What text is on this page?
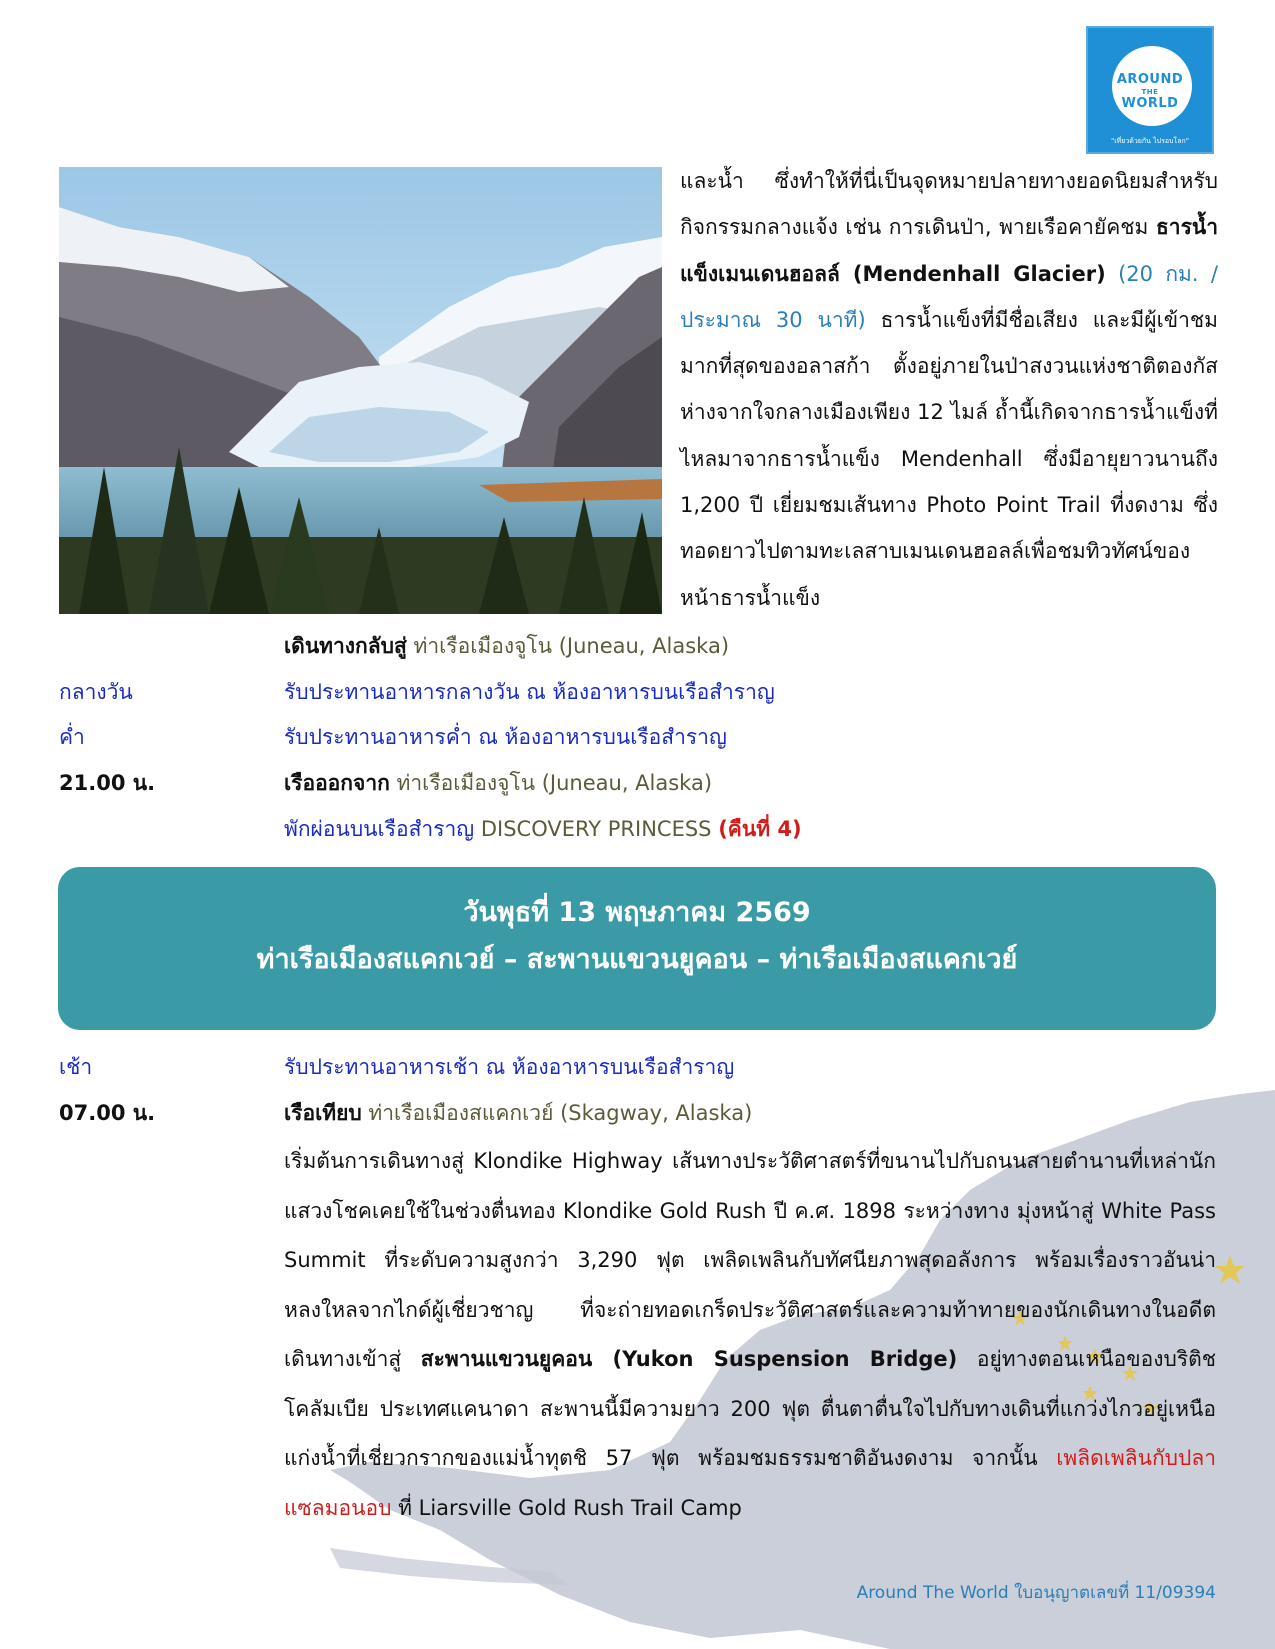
AROUND
THE
WORLD
"เที่ยวด้วยกัน ไปรอบโลก"
และน้ำ ซึ่งทำให้ที่นี่เป็นจุดหมายปลายทางยอดนิยมสำหรับกิจกรรมกลางแจ้ง เช่น การเดินป่า, พายเรือคายัคชม ธารน้ำแข็งเมนเดนฮอลล์ (Mendenhall Glacier) (20 กม. / ประมาณ 30 นาที) ธารน้ำแข็งที่มีชื่อเสียง และมีผู้เข้าชมมากที่สุดของอลาสก้า ตั้งอยู่ภายในป่าสงวนแห่งชาติตองกัส ห่างจากใจกลางเมืองเพียง 12 ไมล์ ถ้ำนี้เกิดจากธารน้ำแข็งที่ไหลมาจากธารน้ำแข็ง Mendenhall ซึ่งมีอายุยาวนานถึง 1,200 ปี เยี่ยมชมเส้นทาง Photo Point Trail ที่งดงาม ซึ่งทอดยาวไปตามทะเลสาบเมนเดนฮอลล์เพื่อชมทิวทัศน์ของหน้าธารน้ำแข็ง
เดินทางกลับสู่ ท่าเรือเมืองจูโน (Juneau, Alaska)
กลางวัน	รับประทานอาหารกลางวัน ณ ห้องอาหารบนเรือสำราญ
ค่ำ	รับประทานอาหารค่ำ ณ ห้องอาหารบนเรือสำราญ
21.00 น.	เรือออกจาก ท่าเรือเมืองจูโน (Juneau, Alaska)
พักผ่อนบนเรือสำราญ DISCOVERY PRINCESS (คืนที่ 4)
วันพุธที่ 13 พฤษภาคม 2569
ท่าเรือเมืองสแคกเวย์ – สะพานแขวนยูคอน – ท่าเรือเมืองสแคกเวย์
เช้า	รับประทานอาหารเช้า ณ ห้องอาหารบนเรือสำราญ
07.00 น.	เรือเทียบ ท่าเรือเมืองสแคกเวย์ (Skagway, Alaska)
เริ่มต้นการเดินทางสู่ Klondike Highway เส้นทางประวัติศาสตร์ที่ขนานไปกับถนนสายตำนานที่เหล่านักแสวงโชคเคยใช้ในช่วงตื่นทอง Klondike Gold Rush ปี ค.ศ. 1898 ระหว่างทาง มุ่งหน้าสู่ White Pass Summit ที่ระดับความสูงกว่า 3,290 ฟุต เพลิดเพลินกับทัศนียภาพสุดอลังการ พร้อมเรื่องราวอันน่าหลงใหลจากไกด์ผู้เชี่ยวชาญ ที่จะถ่ายทอดเกร็ดประวัติศาสตร์และความท้าทายของนักเดินทางในอดีต เดินทางเข้าสู่ สะพานแขวนยูคอน (Yukon Suspension Bridge) อยู่ทางตอนเหนือของบริติชโคลัมเบีย ประเทศแคนาดา สะพานนี้มีความยาว 200 ฟุต ตื่นตาตื่นใจไปกับทางเดินที่แกว่งไกวอยู่เหนือแก่งน้ำที่เชี่ยวกรากของแม่น้ำทุตชิ 57 ฟุต พร้อมชมธรรมชาติอันงดงาม จากนั้น เพลิดเพลินกับปลาแซลมอนอบ ที่ Liarsville Gold Rush Trail Camp
Around The World ใบอนุญาตเลขที่ 11/09394
